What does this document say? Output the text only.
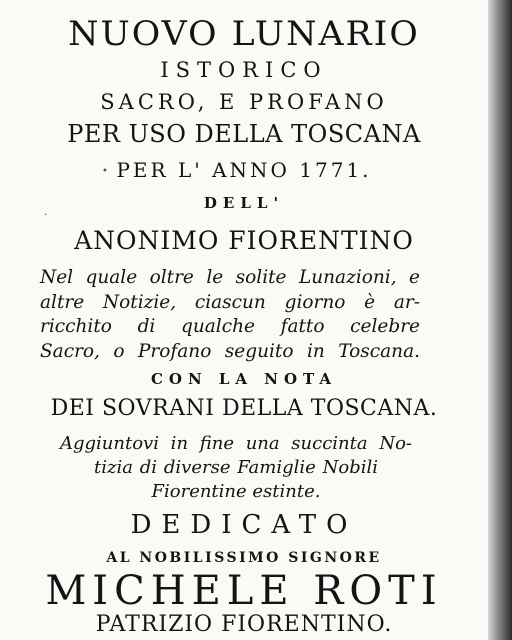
NUOVO LUNARIO
ISTORICO
SACRO, E PROFANO
PER USO DELLA TOSCANA
PER L' ANNO 1771.
DELL'
ANONIMO FIORENTINO
Nel quale oltre le solite Lunazioni, e
altre Notizie, ciascun giorno è ar-
ricchito di qualche fatto celebre
Sacro, o Profano seguito in Toscana.
CON LA NOTA
DEI SOVRANI DELLA TOSCANA.
Aggiuntovi in fine una succinta No-
tizia di diverse Famiglie Nobili
Fiorentine estinte.
DEDICATO
AL NOBILISSIMO SIGNORE
MICHELE ROTI
PATRIZIO FIORENTINO.
•
·
